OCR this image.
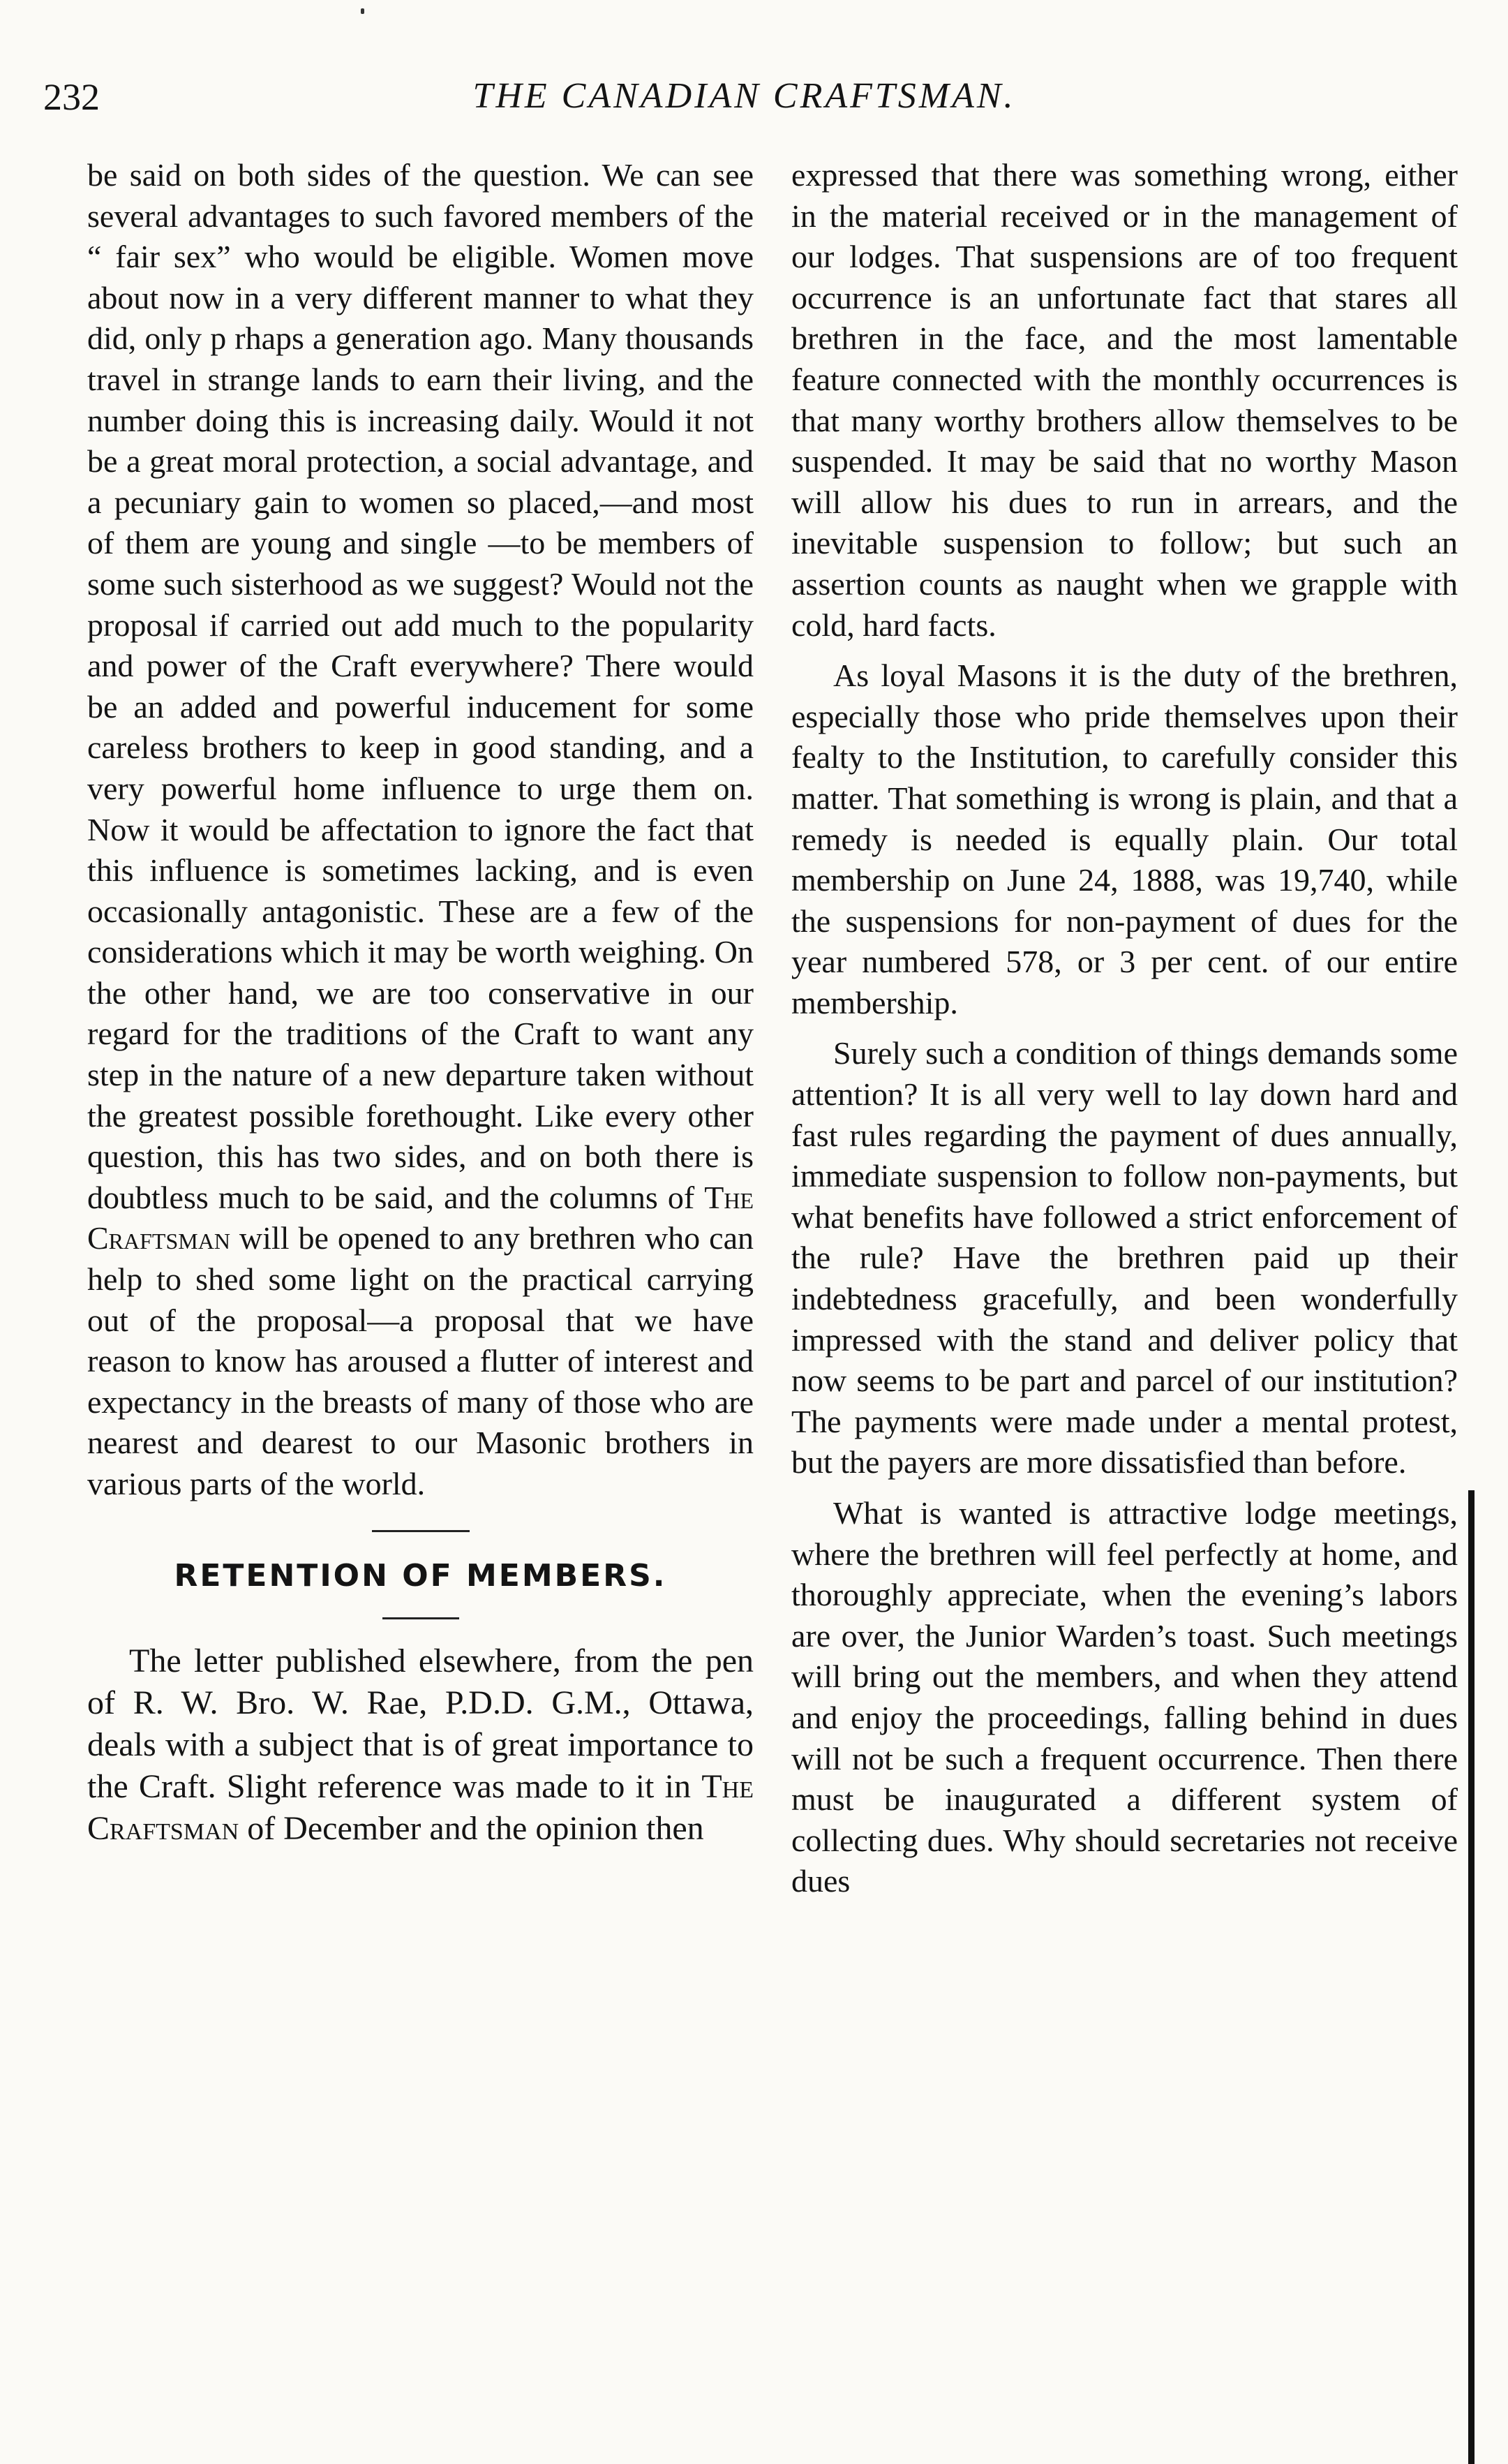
232	THE CANADIAN CRAFTSMAN.

be said on both sides of the question. We can see several advantages to such favored members of the “ fair sex” who would be eligible. Women move about now in a very different manner to what they did, only p rhaps a generation ago. Many thousands travel in strange lands to earn their living, and the number doing this is increasing daily. Would it not be a great moral protection, a social advantage, and a pecuniary gain to women so placed,—and most of them are young and single —to be members of some such sisterhood as we suggest? Would not the proposal if carried out add much to the popularity and power of the Craft everywhere? There would be an added and powerful inducement for some careless brothers to keep in good standing, and a very powerful home influence to urge them on. Now it would be affectation to ignore the fact that this influence is sometimes lacking, and is even occasionally antagonistic. These are a few of the considerations which it may be worth weighing. On the other hand, we are too conservative in our regard for the traditions of the Craft to want any step in the nature of a new departure taken without the greatest possible forethought. Like every other question, this has two sides, and on both there is doubtless much to be said, and the columns of The Craftsman will be opened to any brethren who can help to shed some light on the practical carrying out of the proposal—a proposal that we have reason to know has aroused a flutter of interest and expectancy in the breasts of many of those who are nearest and dearest to our Masonic brothers in various parts of the world.

RETENTION OF MEMBERS.

The letter published elsewhere, from the pen of R. W. Bro. W. Rae, P.D.D. G.M., Ottawa, deals with a subject that is of great importance to the Craft. Slight reference was made to it in The Craftsman of December and the opinion then

expressed that there was something wrong, either in the material received or in the management of our lodges. That suspensions are of too frequent occurrence is an unfortunate fact that stares all brethren in the face, and the most lamentable feature connected with the monthly occurrences is that many worthy brothers allow themselves to be suspended. It may be said that no worthy Mason will allow his dues to run in arrears, and the inevitable suspension to follow; but such an assertion counts as naught when we grapple with cold, hard facts.

As loyal Masons it is the duty of the brethren, especially those who pride themselves upon their fealty to the Institution, to carefully consider this matter. That something is wrong is plain, and that a remedy is needed is equally plain. Our total membership on June 24, 1888, was 19,740, while the suspensions for non-payment of dues for the year numbered 578, or 3 per cent. of our entire membership.

Surely such a condition of things demands some attention? It is all very well to lay down hard and fast rules regarding the payment of dues annually, immediate suspension to follow non-payments, but what benefits have followed a strict enforcement of the rule? Have the brethren paid up their indebtedness gracefully, and been wonderfully impressed with the stand and deliver policy that now seems to be part and parcel of our institution? The payments were made under a mental protest, but the payers are more dissatisfied than before.

What is wanted is attractive lodge meetings, where the brethren will feel perfectly at home, and thoroughly appreciate, when the evening’s labors are over, the Junior Warden’s toast. Such meetings will bring out the members, and when they attend and enjoy the proceedings, falling behind in dues will not be such a frequent occurrence. Then there must be inaugurated a different system of collecting dues. Why should secretaries not receive dues
